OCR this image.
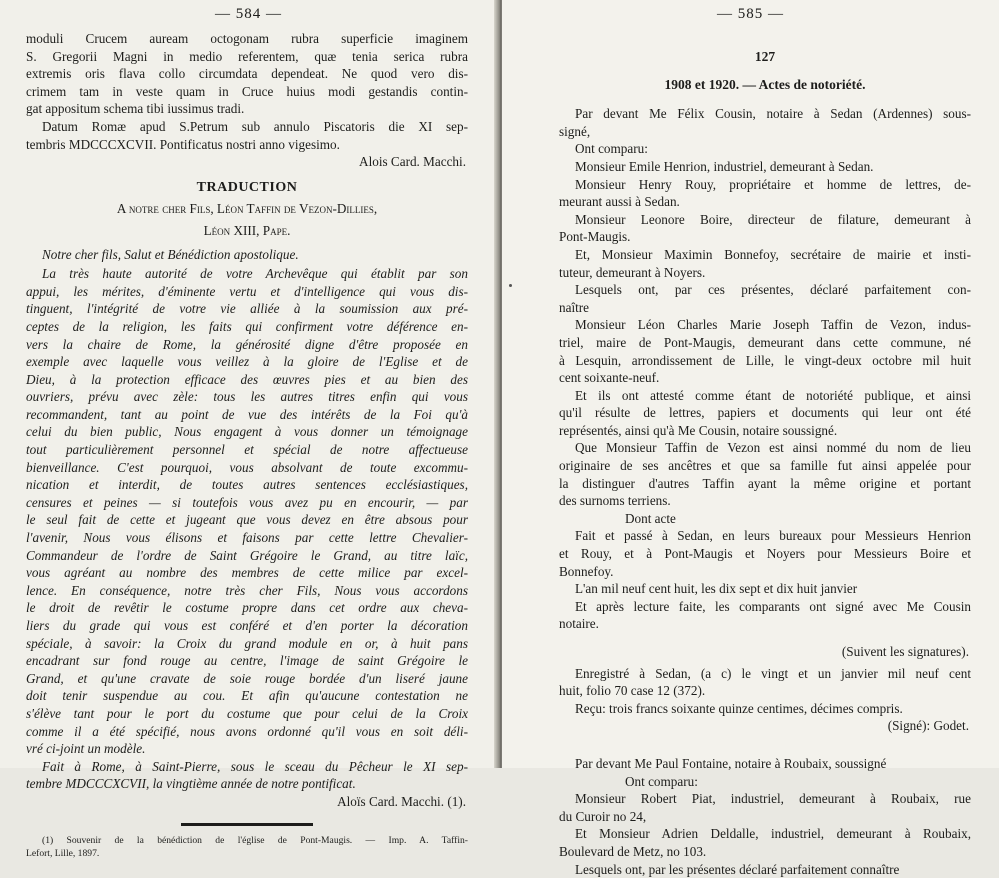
— 584 —
moduli Crucem auream octogonam rubra superficie imaginem
S. Gregorii Magni in medio referentem, quæ tenia serica rubra
extremis oris flava collo circumdata dependeat. Ne quod vero dis-
crimem tam in veste quam in Cruce huius modi gestandis contin-
gat appositum schema tibi iussimus tradi.
Datum Romæ apud S.Petrum sub annulo Piscatoris die XI sep-
tembris MDCCCXCVII. Pontificatus nostri anno vigesimo.
Alois Card. Macchi.
TRADUCTION
A notre cher Fils, Léon Taffin de Vezon-Dillies,
Léon XIII, Pape.
Notre cher fils, Salut et Bénédiction apostolique.
La très haute autorité de votre Archevêque qui établit par son
appui, les mérites, d'éminente vertu et d'intelligence qui vous dis-
tinguent, l'intégrité de votre vie alliée à la soumission aux pré-
ceptes de la religion, les faits qui confirment votre déférence en-
vers la chaire de Rome, la générosité digne d'être proposée en
exemple avec laquelle vous veillez à la gloire de l'Eglise et de
Dieu, à la protection efficace des œuvres pies et au bien des
ouvriers, prévu avec zèle: tous les autres titres enfin qui vous
recommandent, tant au point de vue des intérêts de la Foi qu'à
celui du bien public, Nous engagent à vous donner un témoignage
tout particulièrement personnel et spécial de notre affectueuse
bienveillance. C'est pourquoi, vous absolvant de toute excommu-
nication et interdit, de toutes autres sentences ecclésiastiques,
censures et peines — si toutefois vous avez pu en encourir, — par
le seul fait de cette et jugeant que vous devez en être absous pour
l'avenir, Nous vous élisons et faisons par cette lettre Chevalier-
Commandeur de l'ordre de Saint Grégoire le Grand, au titre laïc,
vous agréant au nombre des membres de cette milice par excel-
lence. En conséquence, notre très cher Fils, Nous vous accordons
le droit de revêtir le costume propre dans cet ordre aux cheva-
liers du grade qui vous est conféré et d'en porter la décoration
spéciale, à savoir: la Croix du grand module en or, à huit pans
encadrant sur fond rouge au centre, l'image de saint Grégoire le
Grand, et qu'une cravate de soie rouge bordée d'un liseré jaune
doit tenir suspendue au cou. Et afin qu'aucune contestation ne
s'élève tant pour le port du costume que pour celui de la Croix
comme il a été spécifié, nous avons ordonné qu'il vous en soit déli-
vré ci-joint un modèle.
Fait à Rome, à Saint-Pierre, sous le sceau du Pêcheur le XI sep-
tembre MDCCCXCVII, la vingtième année de notre pontificat.
Aloïs Card. Macchi. (1).
(1) Souvenir de la bénédiction de l'église de Pont-Maugis. — Imp. A. Taffin-
Lefort, Lille, 1897.
— 585 —
127
1908 et 1920. — Actes de notoriété.
Par devant Me Félix Cousin, notaire à Sedan (Ardennes) sous-
signé,
Ont comparu:
Monsieur Emile Henrion, industriel, demeurant à Sedan.
Monsieur Henry Rouy, propriétaire et homme de lettres, de-
meurant aussi à Sedan.
Monsieur Leonore Boire, directeur de filature, demeurant à
Pont-Maugis.
Et, Monsieur Maximin Bonnefoy, secrétaire de mairie et insti-
tuteur, demeurant à Noyers.
Lesquels ont, par ces présentes, déclaré parfaitement con-
naître
Monsieur Léon Charles Marie Joseph Taffin de Vezon, indus-
triel, maire de Pont-Maugis, demeurant dans cette commune, né
à Lesquin, arrondissement de Lille, le vingt-deux octobre mil huit
cent soixante-neuf.
Et ils ont attesté comme étant de notoriété publique, et ainsi
qu'il résulte de lettres, papiers et documents qui leur ont été
représentés, ainsi qu'à Me Cousin, notaire soussigné.
Que Monsieur Taffin de Vezon est ainsi nommé du nom de lieu
originaire de ses ancêtres et que sa famille fut ainsi appelée pour
la distinguer d'autres Taffin ayant la même origine et portant
des surnoms terriens.
Dont acte
Fait et passé à Sedan, en leurs bureaux pour Messieurs Henrion
et Rouy, et à Pont-Maugis et Noyers pour Messieurs Boire et
Bonnefoy.
L'an mil neuf cent huit, les dix sept et dix huit janvier
Et après lecture faite, les comparants ont signé avec Me Cousin
notaire.
(Suivent les signatures).
Enregistré à Sedan, (a c) le vingt et un janvier mil neuf cent
huit, folio 70 case 12 (372).
Reçu: trois francs soixante quinze centimes, décimes compris.
(Signé): Godet.
Par devant Me Paul Fontaine, notaire à Roubaix, soussigné
Ont comparu:
Monsieur Robert Piat, industriel, demeurant à Roubaix, rue
du Curoir no 24,
Et Monsieur Adrien Deldalle, industriel, demeurant à Roubaix,
Boulevard de Metz, no 103.
Lesquels ont, par les présentes déclaré parfaitement connaître
